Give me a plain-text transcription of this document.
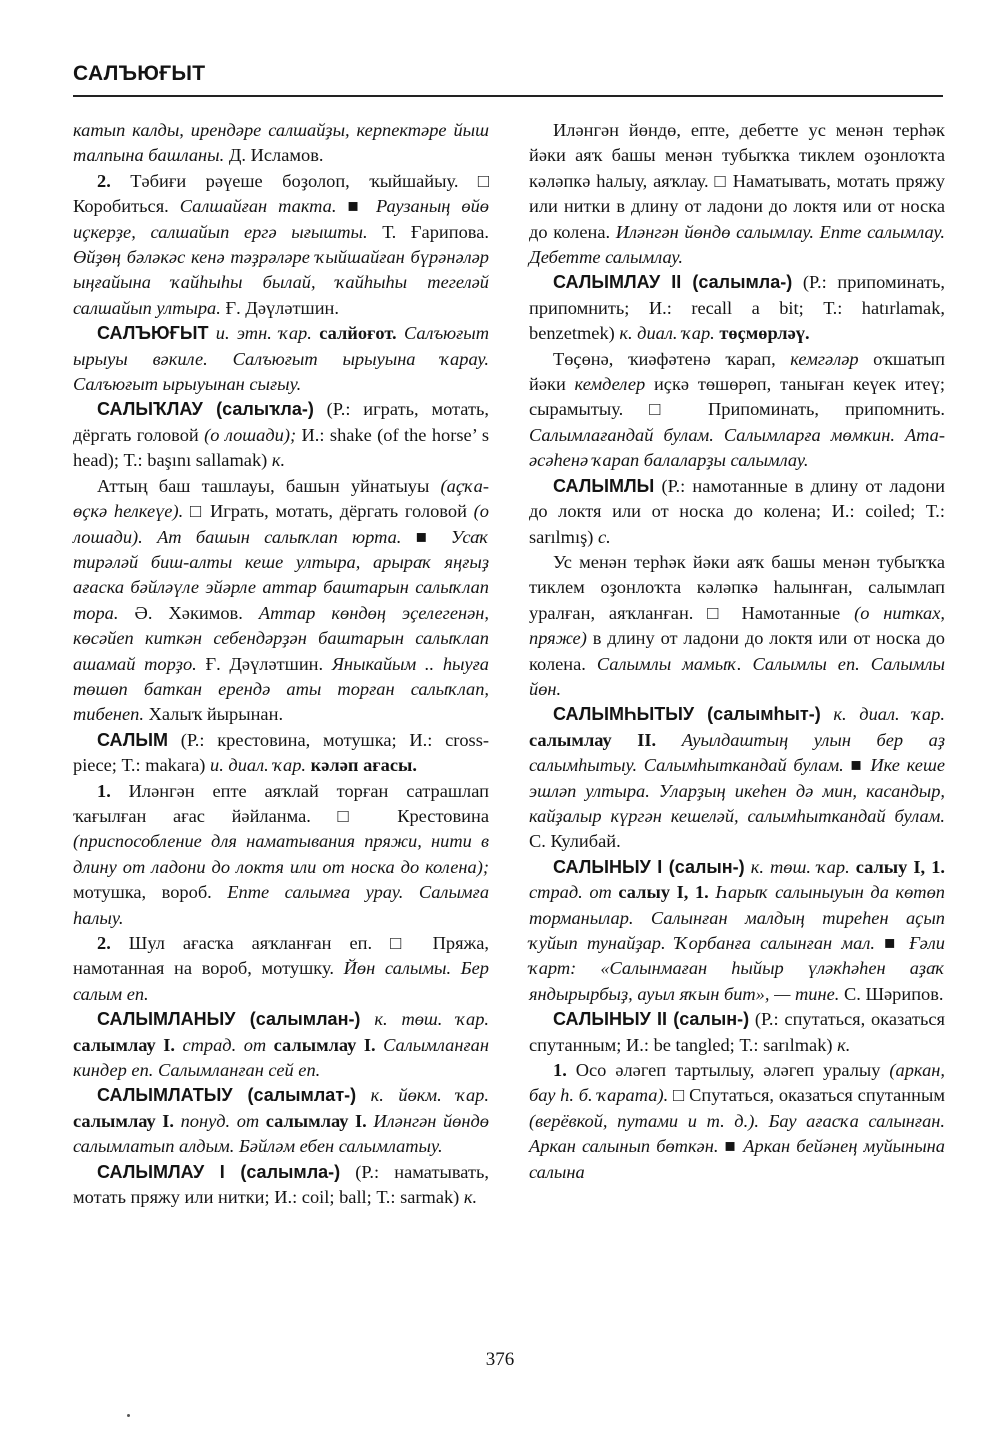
САЛЪЮҒЫТ

катып калды, ирендәре салшайҙы, керпектәре йыш талпына башланы. Д. Исламов.

2. Тәбиғи рәүеше боҙолоп, ҡыйшайыу. □ Коробиться. Салшайған такта. ■ Раузаның өйө иҫкерҙе, салшайып ергә ығышты. Т. Ғарипова. Өйҙөң бәләкәс кенә тәҙрәләре ҡыйшайған бүрәнәләр ыңғайына ҡайһыһы былай, ҡайһыһы тегеләй салшайып ултыра. Ғ. Дәүләтшин.

САЛЪЮҒЫТ и. этн. ҡар. салйоғот. Салъюғыт ырыуы вәкиле. Салъюғыт ырыуына ҡарау. Салъюғыт ырыуынан сығыу.

САЛЫҠЛАУ (салыҡла-) (Р.: играть, мотать, дёргать головой (о лошади); И.: shake (of the horse’ s head); Т.: başını sallamak) к.

Аттың баш ташлауы, башын уйнатыуы (аҫҡа-өҫкә һелкеүе). □ Играть, мотать, дёргать головой (о лошади). Ат башын салыҡлап юрта. ■ Усаҡ тирәләй биш-алты кеше ултыра, арыраҡ яңғыҙ ағаска бәйләүле эйәрле аттар баштарын салыҡлап тора. Ә. Хәкимов. Аттар көндөң эҫелегенән, көсәйеп киткән себендәрҙән баштарын салыҡлап ашамай торҙо. Ғ. Дәүләтшин. Яныкайым .. һыуға төшөп баткан ерендә аты торған салыҡлап, тибенеп. Халыҡ йырынан.

САЛЫМ (Р.: крестовина, мотушка; И.: cross-piece; Т.: makara) и. диал. ҡар. кәләп ағасы.

1. Иләнгән епте аяҡлай торған сатрашлап ҡағылған ағас йәйланма. □ Крестовина (приспособление для наматывания пряжи, нити в длину от ладони до локтя или от носка до колена); мотушка, вороб. Епте салымға урау. Салымға һалыу.

2. Шул ағасҡа аяҡланған еп. □ Пряжа, намотанная на вороб, мотушку. Йөн салымы. Бер салым еп.

САЛЫМЛАНЫУ (салымлан-) к. төш. ҡар. салымлау I. страд. от салымлау I. Салымланған киндер еп. Салымланған сей еп.

САЛЫМЛАТЫУ (салымлат-) к. йөкм. ҡар. салымлау I. понуд. от салымлау I. Иләнгән йөндө салымлатып алдым. Бәйләм ебен салымлатыу.

САЛЫМЛАУ I (салымла-) (Р.: наматывать, мотать пряжу или нитки; И.: coil; ball; Т.: sarmak) к.

Иләнгән йөндө, епте, дебетте ус менән терһәк йәки аяҡ башы менән тубыҡҡа тиклем оҙонлоҡта кәләпкә һалыу, аяҡлау. □ Наматывать, мотать пряжу или нитки в длину от ладони до локтя или от носка до колена. Иләнгән йөндө салымлау. Епте салымлау. Дебетте салымлау.

САЛЫМЛАУ II (салымла-) (Р.: припоминать, припомнить; И.: recall a bit; Т.: hatırlamak, benzetmek) к. диал. ҡар. төҫмөрләү.

Төҫөнә, ҡиәфәтенә ҡарап, кемгәләр оҡшатып йәки кемделер иҫкә төшөрөп, таныған кеүек итеү; сырамытыу. □ Припоминать, припомнить. Салымлағандай булам. Салымларға мөмкин. Ата-әсәһенә ҡарап балаларҙы салымлау.

САЛЫМЛЫ (Р.: намотанные в длину от ладони до локтя или от носка до колена; И.: coiled; Т.: sarılmış) с.

Ус менән терһәк йәки аяҡ башы менән тубыҡҡа тиклем оҙонлоҡта кәләпкә һалынған, салымлап уралған, аяҡланған. □ Намотанные (о нитках, пряже) в длину от ладони до локтя или от носка до колена. Салымлы мамыҡ. Салымлы еп. Салымлы йөн.

САЛЫМҺЫТЫУ (салымһыт-) к. диал. ҡар. салымлау II. Ауылдаштың улын бер аҙ салымһытыу. Салымһыткандай булам. ■ Ике кеше эшләп ултыра. Уларҙың икеһен дә мин, касандыр, кайҙалыр күргән кешеләй, салымһыткандай булам. С. Кулибай.

САЛЫНЫУ I (салын-) к. төш. ҡар. салыу I, 1. страд. от салыу I, 1. Һарыҡ салыныуын да көтөп торманылар. Салынған малдың тиреһен аҫып ҡуйып тунайҙар. Ҡорбанға салынған мал. ■ Ғәли ҡарт: «Салынмаған һыйыр үләкһәһен аҙаҡ яндырырбыҙ, ауыл яҡын бит», — тине. С. Шәрипов.

САЛЫНЫУ II (салын-) (Р.: спутаться, оказаться спутанным; И.: be tangled; Т.: sarılmak) к.

1. Осо әләгеп тартылыу, әләгеп уралыу (аркан, бау һ. б. ҡарата). □ Спутаться, оказаться спутанным (верёвкой, путами и т. д.). Бау ағасҡа салынған. Аркан салынып бөткән. ■ Аркан бейәнең муйынына салына

376
